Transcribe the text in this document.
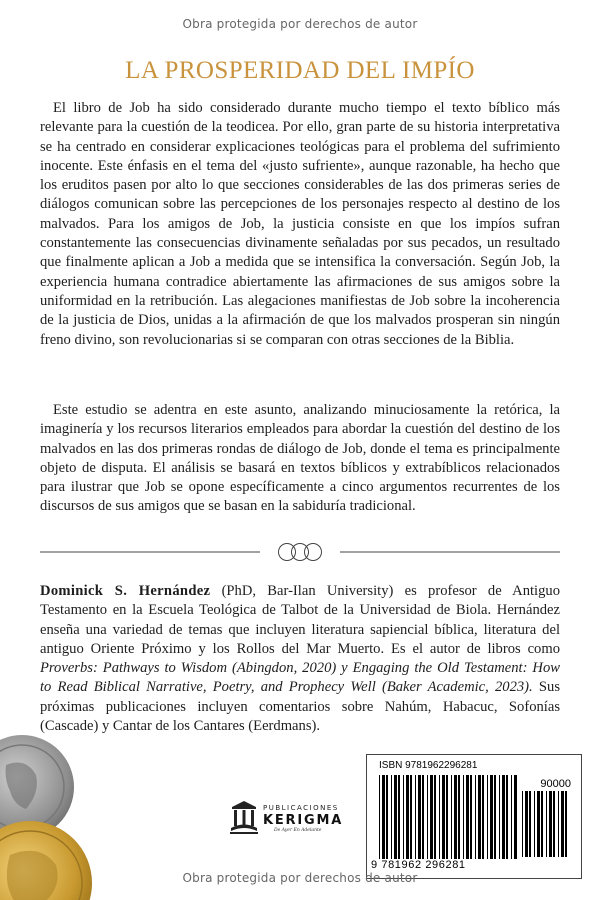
Obra protegida por derechos de autor
LA PROSPERIDAD DEL IMPÍO

El libro de Job ha sido considerado durante mucho tiempo el texto bíblico más relevante para la cuestión de la teodicea. Por ello, gran parte de su historia interpretativa se ha centrado en considerar explicaciones teológicas para el problema del sufrimiento inocente. Este énfasis en el tema del «justo sufriente», aunque razonable, ha hecho que los eruditos pasen por alto lo que secciones considerables de las dos primeras series de diálogos comunican sobre las percepciones de los personajes respecto al destino de los malvados. Para los amigos de Job, la justicia consiste en que los impíos sufran constantemente las consecuencias divinamente señaladas por sus pecados, un resultado que finalmente aplican a Job a medida que se intensifica la conversación. Según Job, la experiencia humana contradice abiertamente las afirmaciones de sus amigos sobre la uniformidad en la retribución. Las alegaciones manifiestas de Job sobre la incoherencia de la justicia de Dios, unidas a la afirmación de que los malvados prosperan sin ningún freno divino, son revolucionarias si se comparan con otras secciones de la Biblia.

Este estudio se adentra en este asunto, analizando minuciosamente la retórica, la imaginería y los recursos literarios empleados para abordar la cuestión del destino de los malvados en las dos primeras rondas de diálogo de Job, donde el tema es principalmente objeto de disputa. El análisis se basará en textos bíblicos y extrabíblicos relacionados para ilustrar que Job se opone específicamente a cinco argumentos recurrentes de los discursos de sus amigos que se basan en la sabiduría tradicional.

Dominick S. Hernández (PhD, Bar-Ilan University) es profesor de Antiguo Testamento en la Escuela Teológica de Talbot de la Universidad de Biola. Hernández enseña una variedad de temas que incluyen literatura sapiencial bíblica, literatura del antiguo Oriente Próximo y los Rollos del Mar Muerto. Es el autor de libros como Proverbs: Pathways to Wisdom (Abingdon, 2020) y Engaging the Old Testament: How to Read Biblical Narrative, Poetry, and Prophecy Well (Baker Academic, 2023). Sus próximas publicaciones incluyen comentarios sobre Nahúm, Habacuc, Sofonías (Cascade) y Cantar de los Cantares (Eerdmans).

PUBLICACIONES
KERIGMA
De Ayer En Adelante
ISBN 9781962296281
90000
9 781962 296281
Obra protegida por derechos de autor
